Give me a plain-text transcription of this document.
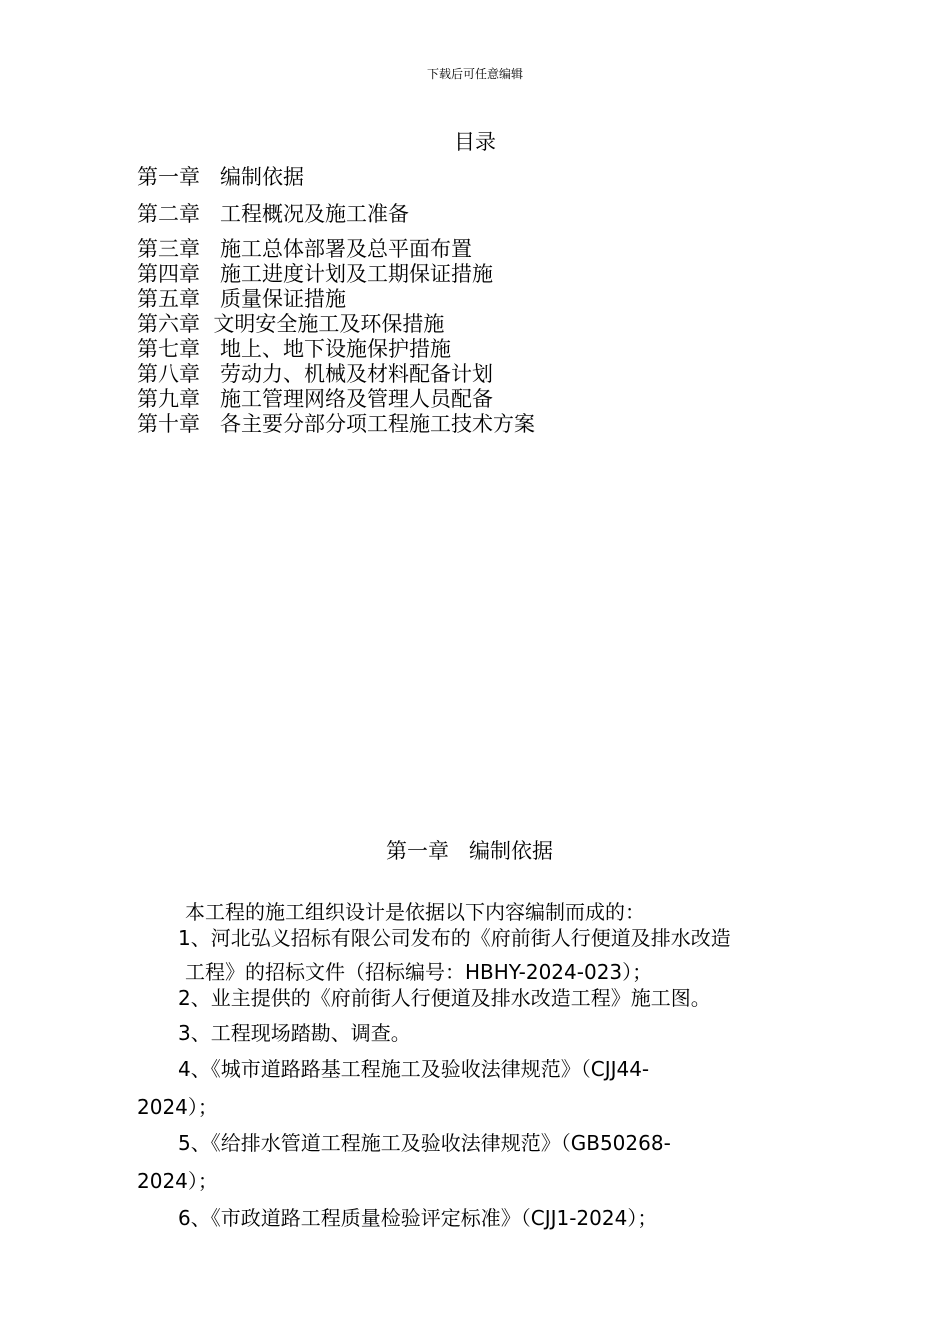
下载后可任意编辑
目录
第一章   编制依据
第二章   工程概况及施工准备
第三章   施工总体部署及总平面布置
第四章   施工进度计划及工期保证措施
第五章   质量保证措施
第六章  文明安全施工及环保措施
第七章   地上、地下设施保护措施
第八章   劳动力、机械及材料配备计划
第九章   施工管理网络及管理人员配备
第十章   各主要分部分项工程施工技术方案
第一章   编制依据
本工程的施工组织设计是依据以下内容编制而成的：
1、河北弘义招标有限公司发布的《府前街人行便道及排水改造
工程》的招标文件（招标编号：HBHY-2024-023）；
2、业主提供的《府前街人行便道及排水改造工程》施工图。
3、工程现场踏勘、调查。
4、《城市道路路基工程施工及验收法律规范》（CJJ44-
2024）；
5、《给排水管道工程施工及验收法律规范》（GB50268-
2024）；
6、《市政道路工程质量检验评定标准》（CJJ1-2024）；
